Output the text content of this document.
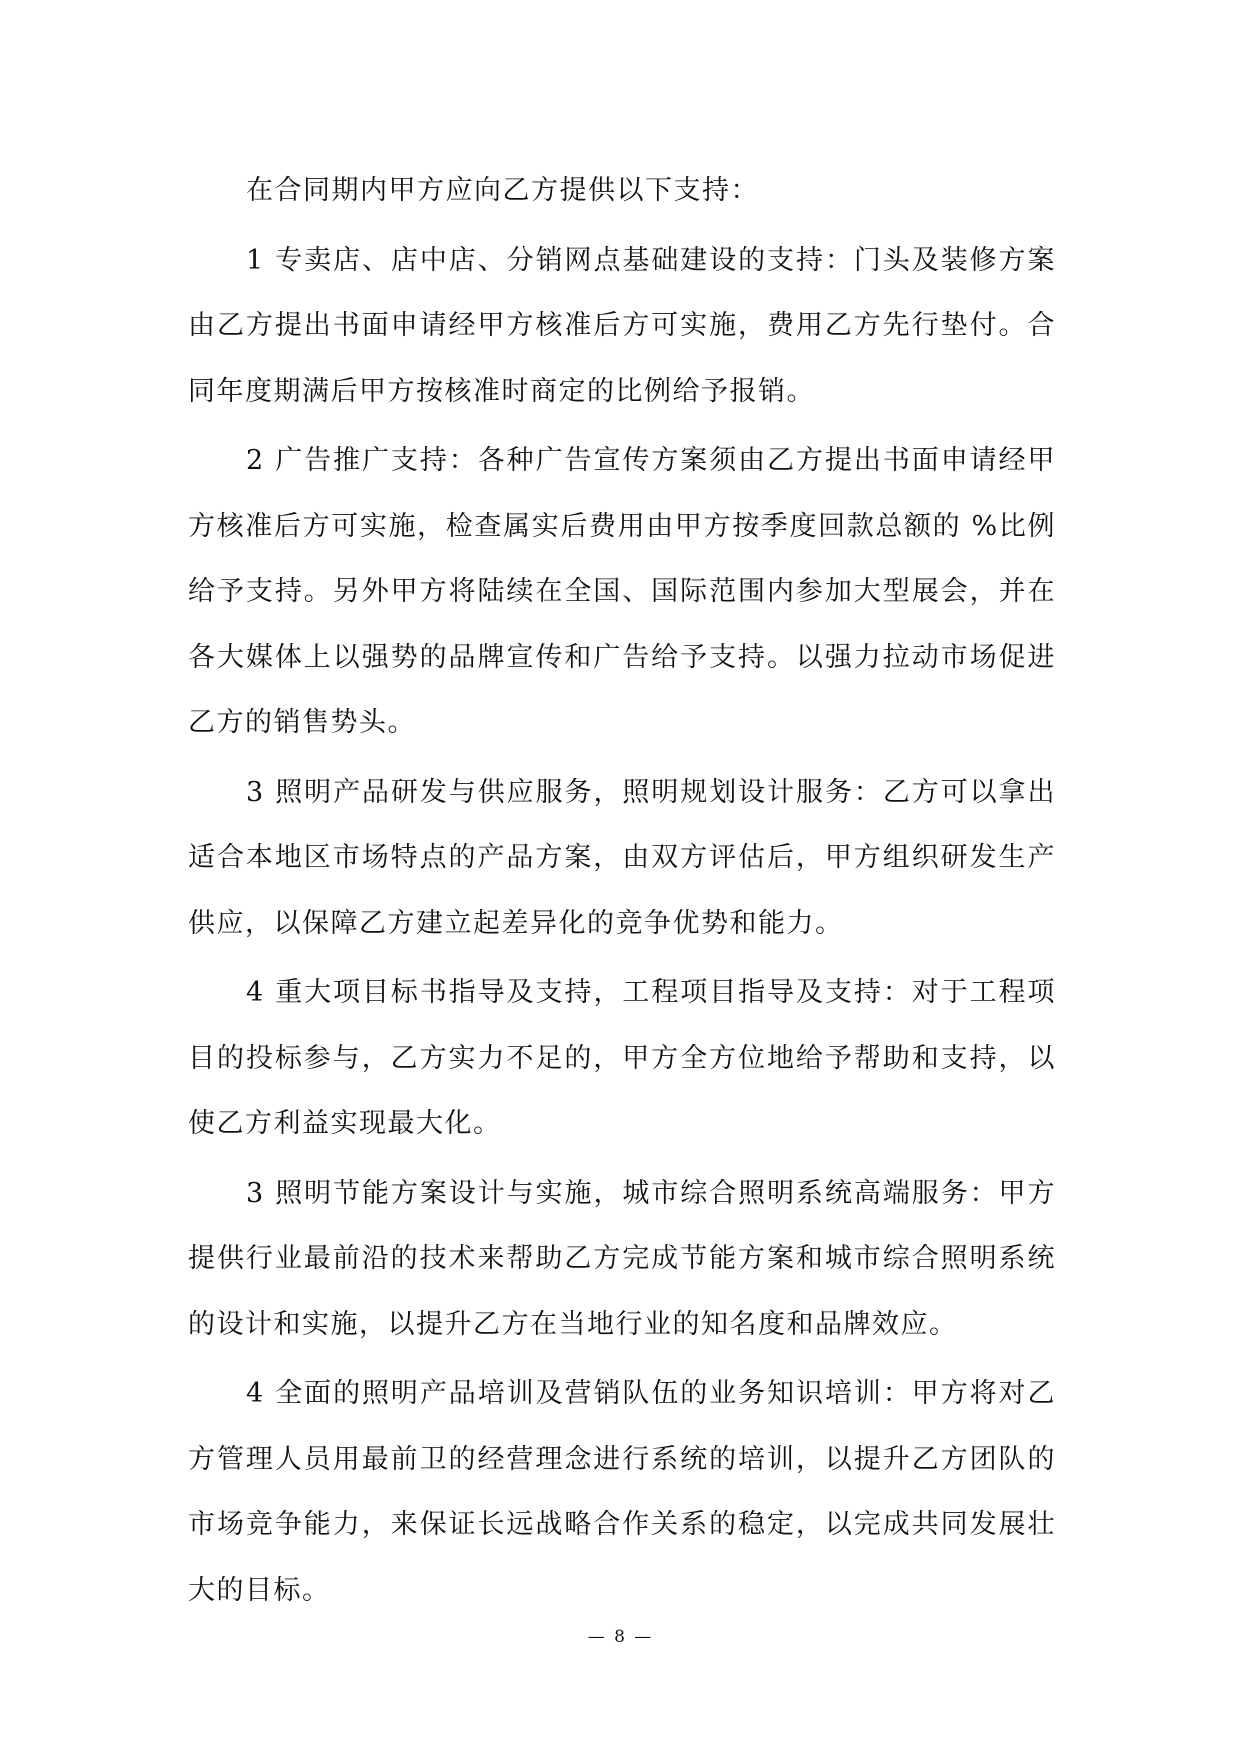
在合同期内甲方应向乙方提供以下支持：

1 专卖店、店中店、分销网点基础建设的支持：门头及装修方案由乙方提出书面申请经甲方核准后方可实施，费用乙方先行垫付。合同年度期满后甲方按核准时商定的比例给予报销。

2 广告推广支持：各种广告宣传方案须由乙方提出书面申请经甲方核准后方可实施，检查属实后费用由甲方按季度回款总额的 %比例给予支持。另外甲方将陆续在全国、国际范围内参加大型展会，并在各大媒体上以强势的品牌宣传和广告给予支持。以强力拉动市场促进乙方的销售势头。

3 照明产品研发与供应服务，照明规划设计服务：乙方可以拿出适合本地区市场特点的产品方案，由双方评估后，甲方组织研发生产供应，以保障乙方建立起差异化的竞争优势和能力。

4 重大项目标书指导及支持，工程项目指导及支持：对于工程项目的投标参与，乙方实力不足的，甲方全方位地给予帮助和支持，以使乙方利益实现最大化。

3 照明节能方案设计与实施，城市综合照明系统高端服务：甲方提供行业最前沿的技术来帮助乙方完成节能方案和城市综合照明系统的设计和实施，以提升乙方在当地行业的知名度和品牌效应。

4 全面的照明产品培训及营销队伍的业务知识培训：甲方将对乙方管理人员用最前卫的经营理念进行系统的培训，以提升乙方团队的市场竞争能力，来保证长远战略合作关系的稳定，以完成共同发展壮大的目标。

— 8 —
